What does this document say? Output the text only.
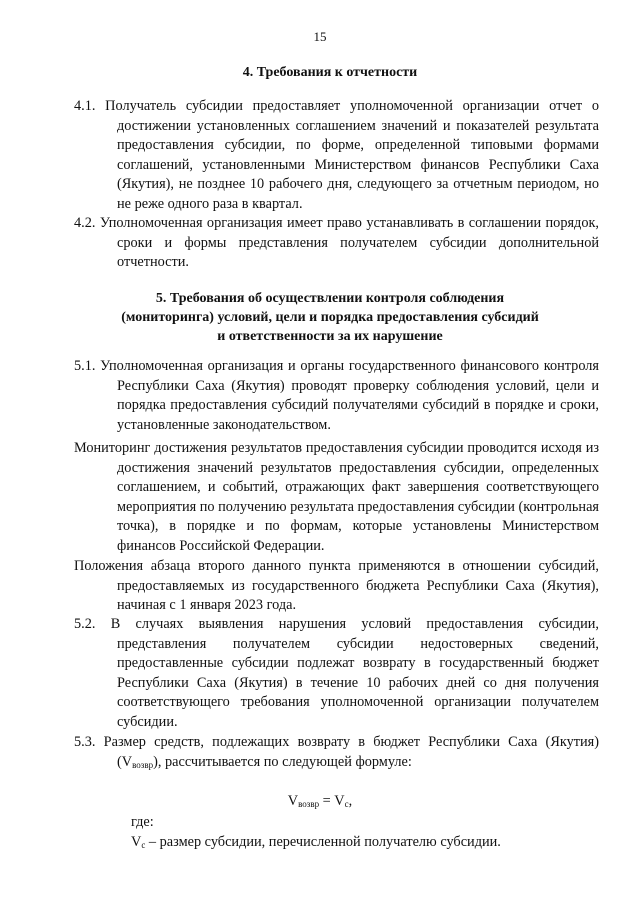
15
4. Требования к отчетности
4.1. Получатель субсидии предоставляет уполномоченной организации отчет о достижении установленных соглашением значений и показателей результата предоставления субсидии, по форме, определенной типовыми формами соглашений, установленными Министерством финансов Республики Саха (Якутия), не позднее 10 рабочего дня, следующего за отчетным периодом, но не реже одного раза в квартал.
4.2. Уполномоченная организация имеет право устанавливать в соглашении порядок, сроки и формы представления получателем субсидии дополнительной отчетности.
5. Требования об осуществлении контроля соблюдения
(мониторинга) условий, цели и порядка предоставления субсидий
и ответственности за их нарушение
5.1. Уполномоченная организация и органы государственного финансового контроля Республики Саха (Якутия) проводят проверку соблюдения условий, цели и порядка предоставления субсидий получателями субсидий в порядке и сроки, установленные законодательством.
Мониторинг достижения результатов предоставления субсидии проводится исходя из достижения значений результатов предоставления субсидии, определенных соглашением, и событий, отражающих факт завершения соответствующего мероприятия по получению результата предоставления субсидии (контрольная точка), в порядке и по формам, которые установлены Министерством финансов Российской Федерации.
Положения абзаца второго данного пункта применяются в отношении субсидий, предоставляемых из государственного бюджета Республики Саха (Якутия), начиная с 1 января 2023 года.
5.2. В случаях выявления нарушения условий предоставления субсидии, представления получателем субсидии недостоверных сведений, предоставленные субсидии подлежат возврату в государственный бюджет Республики Саха (Якутия) в течение 10 рабочих дней со дня получения соответствующего требования уполномоченной организации получателем субсидии.
5.3. Размер средств, подлежащих возврату в бюджет Республики Саха (Якутия) $(V_{возвр})$, рассчитывается по следующей формуле:
$V_{возвр} = V_с$,
где:
$V_c$ – размер субсидии, перечисленной получателю субсидии.
